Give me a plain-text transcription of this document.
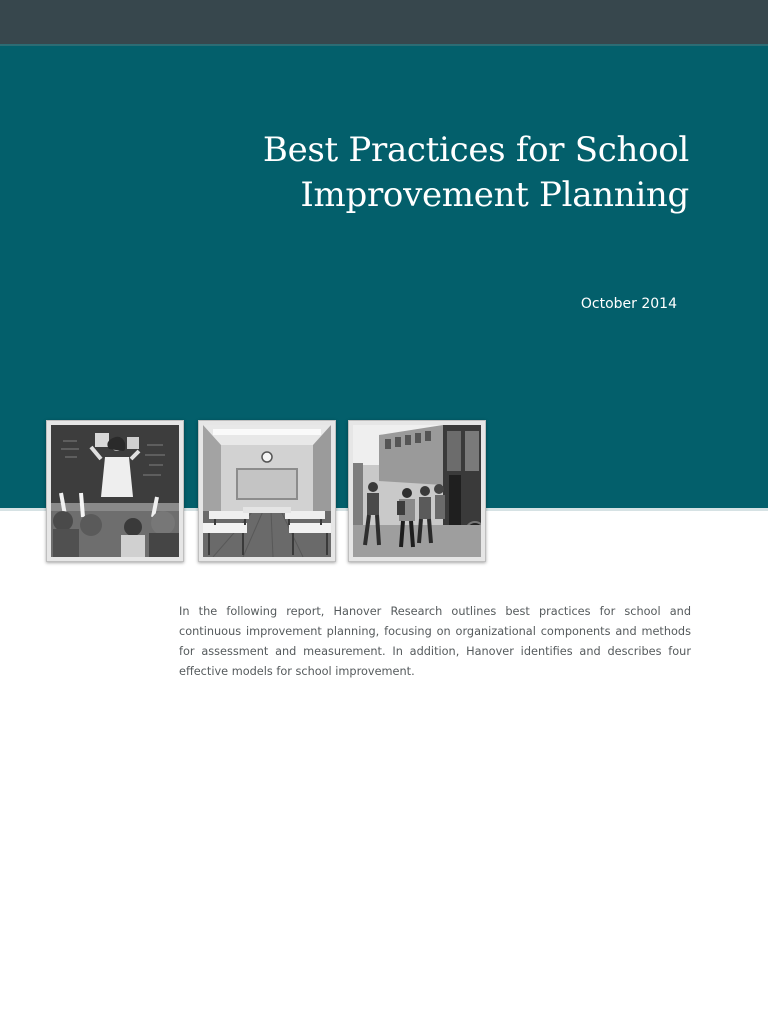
Best Practices for School Improvement Planning
October 2014

In the following report, Hanover Research outlines best practices for school and continuous improvement planning, focusing on organizational components and methods for assessment and measurement. In addition, Hanover identifies and describes four effective models for school improvement.
